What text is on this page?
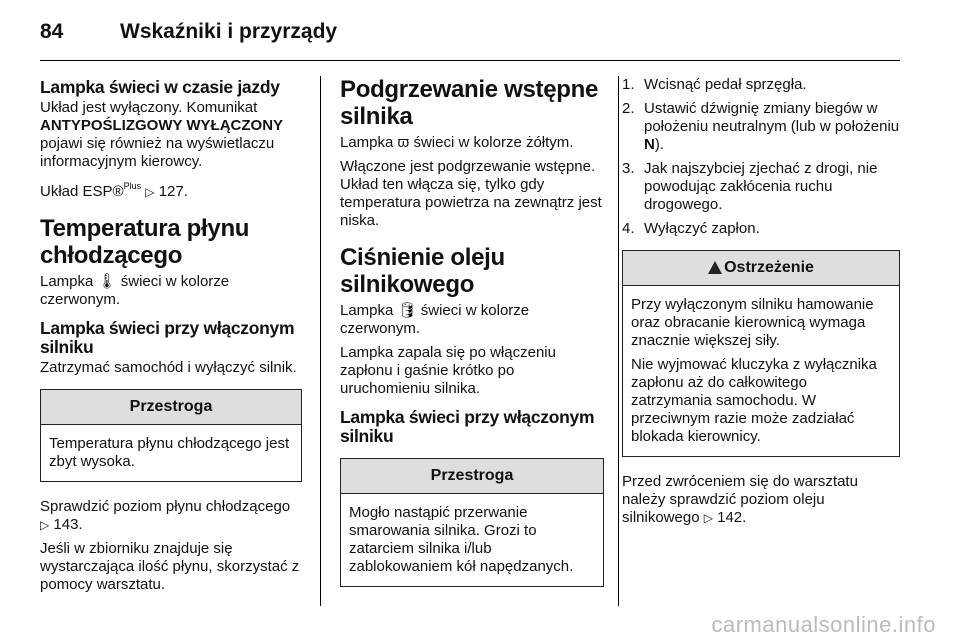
84	Wskaźniki i przyrządy
Lampka świeci w czasie jazdy

Układ jest wyłączony. Komunikat ANTYPOŚLIZGOWY WYŁĄCZONY pojawi się również na wyświetlaczu informacyjnym kierowcy.

Układ ESP®$^{Plus}$ ▷ 127.

Temperatura płynu chłodzącego

Lampka 🌡 świeci w kolorze czerwonym.

Lampka świeci przy włączonym silniku

Zatrzymać samochód i wyłączyć silnik.

Przestroga

Temperatura płynu chłodzącego jest zbyt wysoka.

Sprawdzić poziom płynu chłodzącego ▷ 143.

Jeśli w zbiorniku znajduje się wystarczająca ilość płynu, skorzystać z pomocy warsztatu.

Podgrzewanie wstępne silnika

Lampka ϖ świeci w kolorze żółtym.

Włączone jest podgrzewanie wstępne. Układ ten włącza się, tylko gdy temperatura powietrza na zewnątrz jest niska.

Ciśnienie oleju silnikowego

Lampka 🛢 świeci w kolorze czerwonym.

Lampka zapala się po włączeniu zapłonu i gaśnie krótko po uruchomieniu silnika.

Lampka świeci przy włączonym silniku
Przestroga

Mogło nastąpić przerwanie smarowania silnika. Grozi to zatarciem silnika i/lub zablokowaniem kół napędzanych.

1. Wcisnąć pedał sprzęgła.
2. Ustawić dźwignię zmiany biegów w położeniu neutralnym (lub w położeniu N).
3. Jak najszybciej zjechać z drogi, nie powodując zakłócenia ruchu drogowego.
4. Wyłączyć zapłon.
!Ostrzeżenie

Przy wyłączonym silniku hamowanie oraz obracanie kierownicą wymaga znacznie większej siły.

Nie wyjmować kluczyka z wyłącznika zapłonu aż do całkowitego zatrzymania samochodu. W przeciwnym razie może zadziałać blokada kierownicy.

Przed zwróceniem się do warsztatu należy sprawdzić poziom oleju silnikowego ▷ 142.

carmanualsonline.info
